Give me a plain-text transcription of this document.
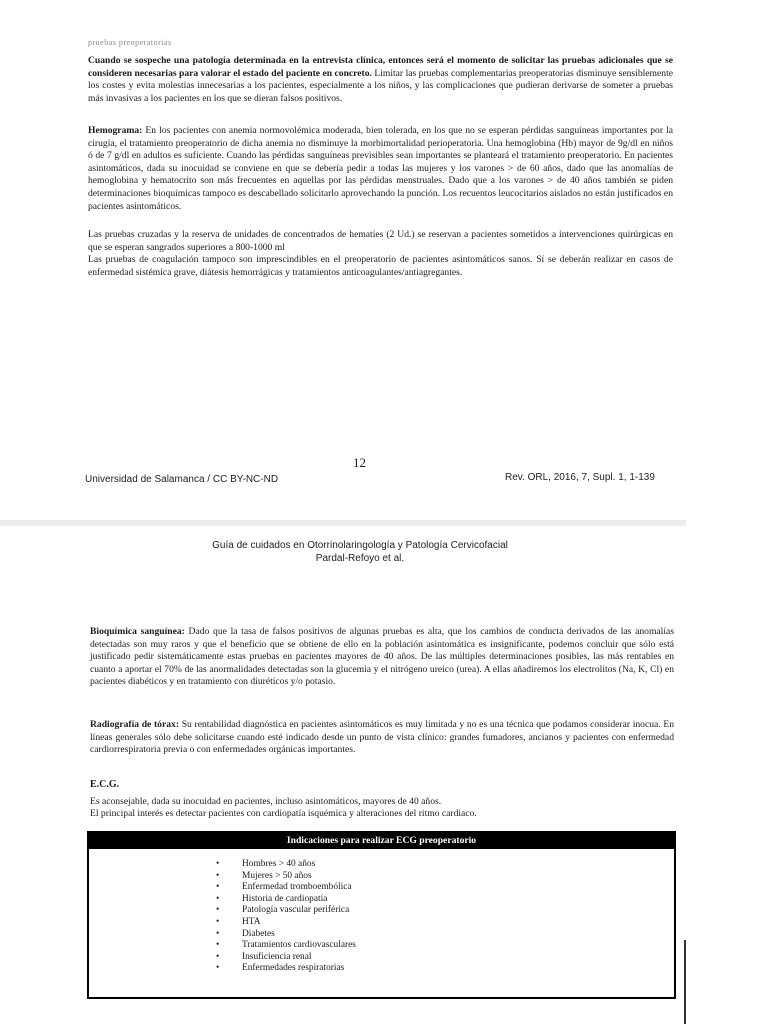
pruebas preoperatorias

Cuando se sospeche una patología determinada en la entrevista clínica, entonces será el momento de solicitar las pruebas adicionales que se consideren necesarias para valorar el estado del paciente en concreto. Limitar las pruebas complementarias preoperatorias disminuye sensiblemente los costes y evita molestias innecesarias a los pacientes, especialmente a los niños, y las complicaciones que pudieran derivarse de someter a pruebas más invasivas a los pacientes en los que se dieran falsos positivos.

Hemograma: En los pacientes con anemia normovolémica moderada, bien tolerada, en los que no se esperan pérdidas sanguíneas importantes por la cirugía, el tratamiento preoperatorio de dicha anemia no disminuye la morbimortalidad perioperatoria. Una hemoglobina (Hb) mayor de 9g/dl en niños ó de 7 g/dl en adultos es suficiente. Cuando las pérdidas sanguíneas previsibles sean importantes se planteará el tratamiento preoperatorio. En pacientes asintomáticos, dada su inocuidad se conviene en que se debería pedir a todas las mujeres y los varones > de 60 años, dado que las anomalías de hemoglobina y hematocrito son más frecuentes en aquellas por las pérdidas menstruales. Dado que a los varones > de 40 años también se piden determinaciones bioquímicas tampoco es descabellado solicitarlo aprovechando la punción. Los recuentos leucocitarios aislados no están justificados en pacientes asintomáticos.

Las pruebas cruzadas y la reserva de unidades de concentrados de hematíes (2 Ud.) se reservan a pacientes sometidos a intervenciones quirúrgicas en que se esperan sangrados superiores a 800-1000 ml

Las pruebas de coagulación tampoco son imprescindibles en el preoperatorio de pacientes asintomáticos sanos. Sí se deberán realizar en casos de enfermedad sistémica grave, diátesis hemorrágicas y tratamientos anticoagulantes/antiagregantes.

12
Universidad de Salamanca / CC BY-NC-ND	Rev. ORL, 2016, 7, Supl. 1, 1-139
Guía de cuidados en Otorrinolaringología y Patología Cervicofacial
Pardal-Refoyo et al.

Bioquímica sanguínea: Dado que la tasa de falsos positivos de algunas pruebas es alta, que los cambios de conducta derivados de las anomalías detectadas son muy raros y que el beneficio que se obtiene de ello en la población asintomática es insignificante, podemos concluir que sólo está justificado pedir sistemáticamente estas pruebas en pacientes mayores de 40 años. De las múltiples determinaciones posibles, las más rentables en cuanto a aportar el 70% de las anormalidades detectadas son la glucemia y el nitrógeno ureico (urea). A ellas añadiremos los electrolitos (Na, K, Cl) en pacientes diabéticos y en tratamiento con diuréticos y/o potasio.

Radiografía de tórax: Su rentabilidad diagnóstica en pacientes asintomáticos es muy limitada y no es una técnica que podamos considerar inocua. En líneas generales sólo debe solicitarse cuando esté indicado desde un punto de vista clínico: grandes fumadores, ancianos y pacientes con enfermedad cardiorrespiratoria previa o con enfermedades orgánicas importantes.

E.C.G.

Es aconsejable, dada su inocuidad en pacientes, incluso asintomáticos, mayores de 40 años.

El principal interés es detectar pacientes con cardiopatía isquémica y alteraciones del ritmo cardiaco.

Indicaciones para realizar ECG preoperatorio
• Hombres > 40 años
• Mujeres > 50 años
• Enfermedad tromboembólica
• Historia de cardiopatía
• Patología vascular periférica
• HTA
• Diabetes
• Tratamientos cardiovasculares
• Insuficiencia renal
• Enfermedades respiratorias
